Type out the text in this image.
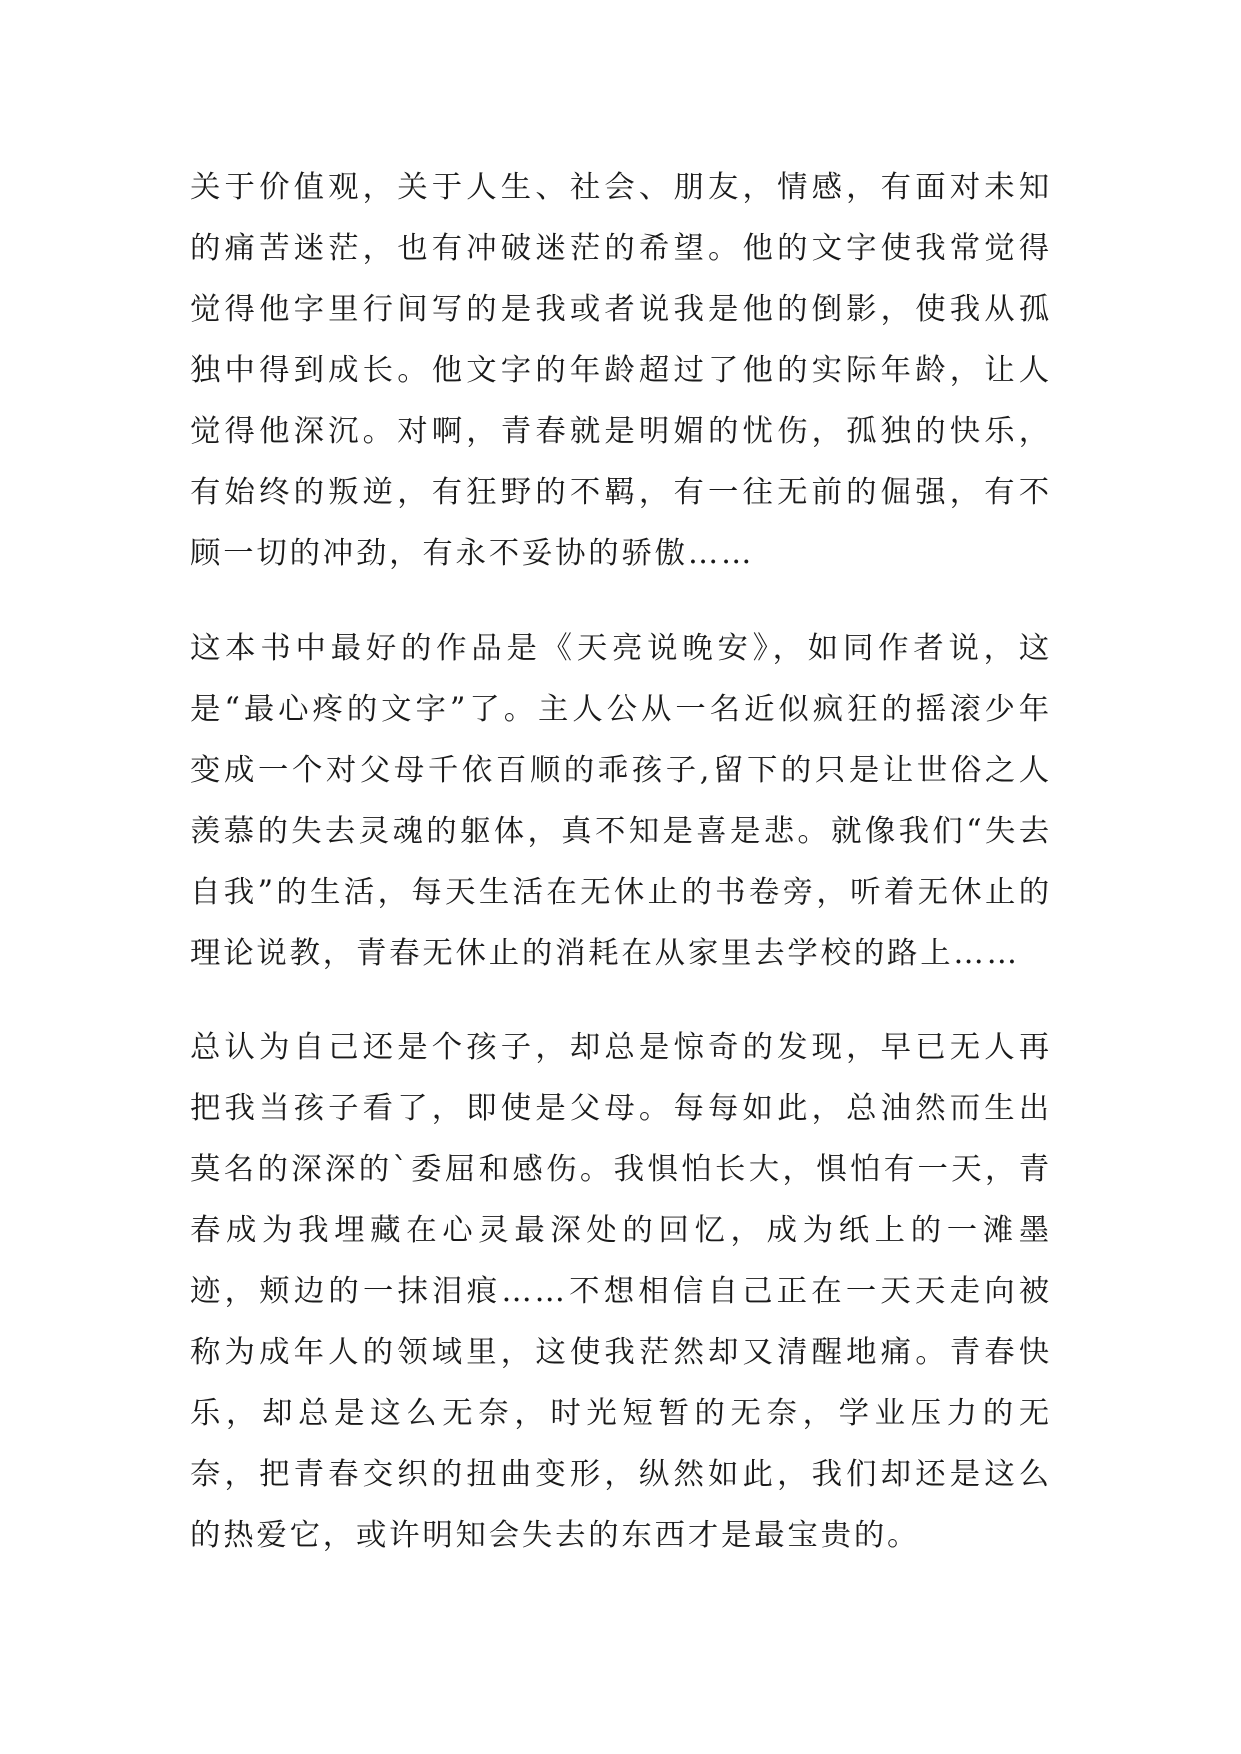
关于价值观，关于人生、社会、朋友，情感，有面对未知的痛苦迷茫，也有冲破迷茫的希望。他的文字使我常觉得觉得他字里行间写的是我或者说我是他的倒影，使我从孤独中得到成长。他文字的年龄超过了他的实际年龄，让人觉得他深沉。对啊，青春就是明媚的忧伤，孤独的快乐，有始终的叛逆，有狂野的不羁，有一往无前的倔强，有不顾一切的冲劲，有永不妥协的骄傲……

这本书中最好的作品是《天亮说晚安》，如同作者说，这是“最心疼的文字”了。主人公从一名近似疯狂的摇滚少年变成一个对父母千依百顺的乖孩子,留下的只是让世俗之人羡慕的失去灵魂的躯体，真不知是喜是悲。就像我们“失去自我”的生活，每天生活在无休止的书卷旁，听着无休止的理论说教，青春无休止的消耗在从家里去学校的路上……

总认为自己还是个孩子，却总是惊奇的发现，早已无人再把我当孩子看了，即使是父母。每每如此，总油然而生出莫名的深深的`委屈和感伤。我惧怕长大，惧怕有一天，青春成为我埋藏在心灵最深处的回忆，成为纸上的一滩墨迹，颊边的一抹泪痕……不想相信自己正在一天天走向被称为成年人的领域里，这使我茫然却又清醒地痛。青春快乐，却总是这么无奈，时光短暂的无奈，学业压力的无奈，把青春交织的扭曲变形，纵然如此，我们却还是这么的热爱它，或许明知会失去的东西才是最宝贵的。
